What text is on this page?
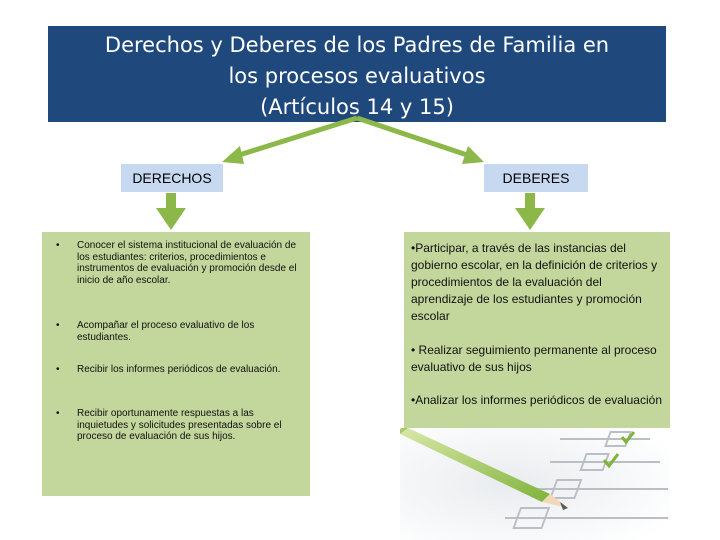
Derechos y Deberes de los Padres de Familia en
los procesos evaluativos
(Artículos 14 y 15)
DERECHOS	DEBERES
• Conocer el sistema institucional de evaluación de los estudiantes: criterios, procedimientos e instrumentos de evaluación y promoción desde el inicio de año escolar.
• Acompañar el proceso evaluativo de los estudiantes.
• Recibir los informes periódicos de evaluación.
• Recibir oportunamente respuestas a las inquietudes y solicitudes presentadas sobre el proceso de evaluación de sus hijos.
•Participar, a través de las instancias del gobierno escolar, en la definición de criterios y procedimientos de la evaluación del aprendizaje de los estudiantes y promoción escolar
• Realizar seguimiento permanente al proceso evaluativo de sus hijos
•Analizar los informes periódicos de evaluación
